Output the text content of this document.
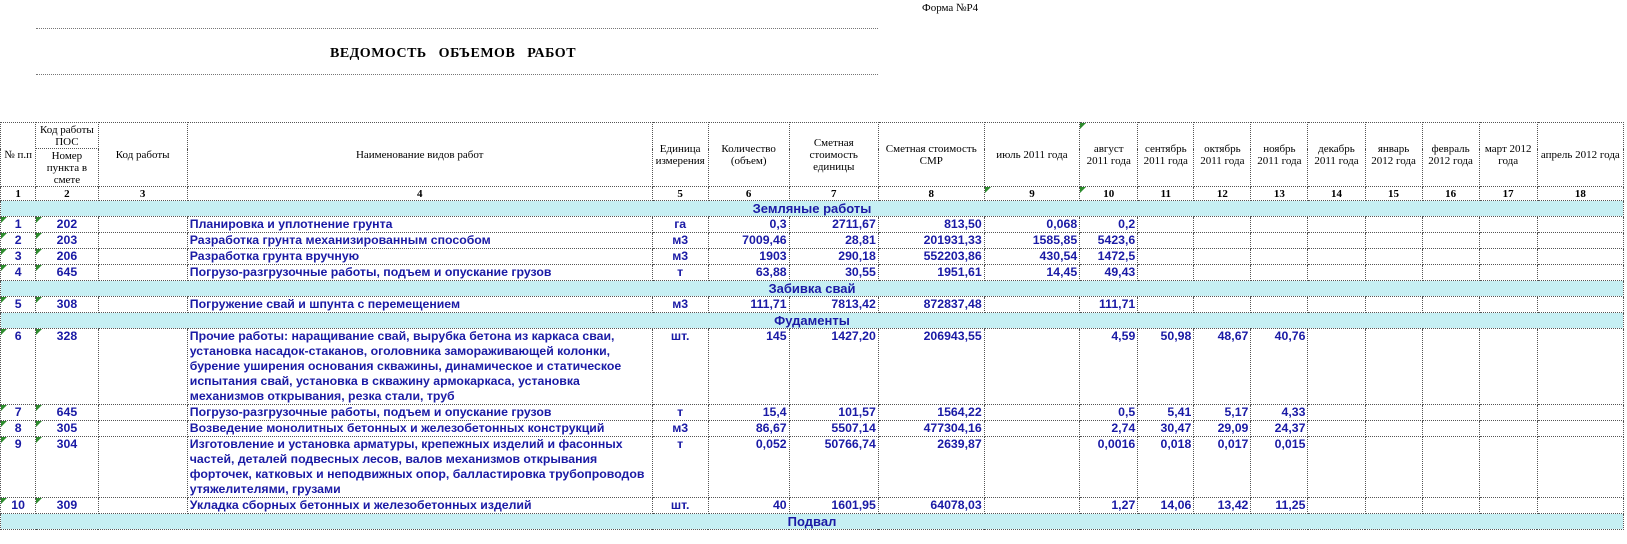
Форма №Р4
ВЕДОМОСТЬ   ОБЪЕМОВ   РАБОТ
№ п.п	Код работы ПОС	Код работы	Наименование видов работ	Единица измерения	Количество (объем)	Сметная стоимость единицы	Сметная стоимость СМР	июль 2011 года	август 2011 года	сентябрь 2011 года	октябрь 2011 года	ноябрь 2011 года	декабрь 2011 года	январь 2012 года	февраль 2012 года	март 2012 года	апрель 2012 года
	Номер пункта в смете																
1	2	3	4	5	6	7	8	9	10	11	12	13	14	15	16	17	18
Земляные работы																	
1	202		Планировка и уплотнение грунта	га	0,3	2711,67	813,50	0,068	0,2								
2	203		Разработка грунта механизированным способом	м3	7009,46	28,81	201931,33	1585,85	5423,6								
3	206		Разработка грунта вручную	м3	1903	290,18	552203,86	430,54	1472,5								
4	645		Погрузо-разгрузочные работы, подъем и опускание грузов	т	63,88	30,55	1951,61	14,45	49,43								
Забивка свай																	
5	308		Погружение свай и шпунта с перемещением	м3	111,71	7813,42	872837,48		111,71								
Фудаменты																	
6	328		Прочие работы: наращивание свай, вырубка бетона из каркаса сваи, установка насадок-стаканов, оголовника замораживающей колонки, бурение уширения основания скважины, динамическое и статическое испытания свай, установка в скважину армокаркаса, установка механизмов открывания, резка стали, труб	шт.	145	1427,20	206943,55		4,59	50,98	48,67	40,76					
7	645		Погрузо-разгрузочные работы, подъем и опускание грузов	т	15,4	101,57	1564,22		0,5	5,41	5,17	4,33					
8	305		Возведение монолитных бетонных и железобетонных конструкций	м3	86,67	5507,14	477304,16		2,74	30,47	29,09	24,37					
9	304		Изготовление и установка арматуры, крепежных изделий и фасонных частей, деталей подвесных лесов, валов механизмов открывания форточек, катковых и неподвижных опор, балластировка трубопроводов утяжелителями, грузами	т	0,052	50766,74	2639,87		0,0016	0,018	0,017	0,015					
10	309		Укладка сборных бетонных и железобетонных изделий	шт.	40	1601,95	64078,03		1,27	14,06	13,42	11,25					
Подвал																	
